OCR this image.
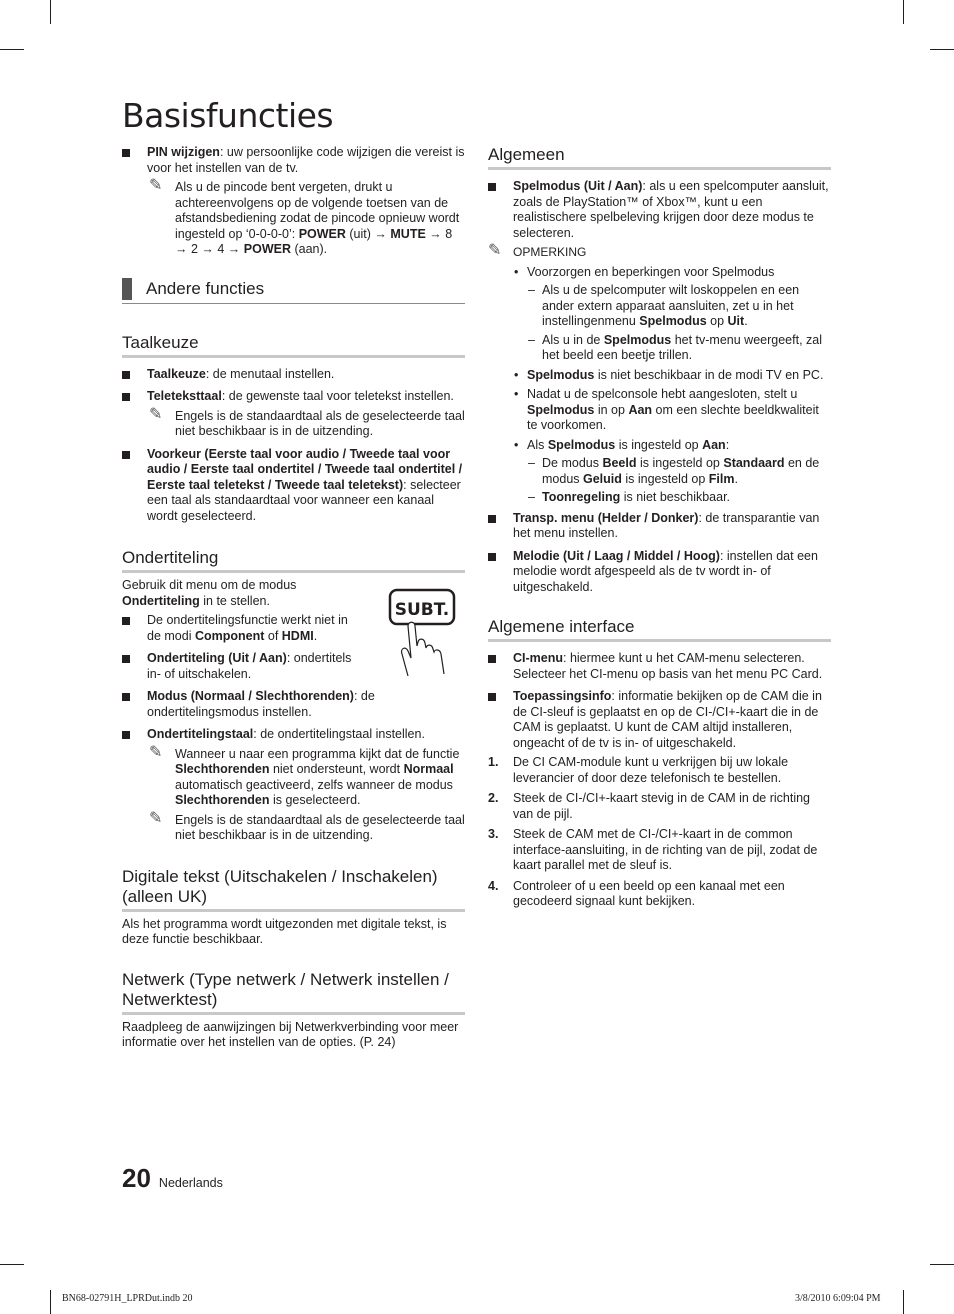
Basisfuncties
PIN wijzigen: uw persoonlijke code wijzigen die vereist is voor het instellen van de tv.
✎ Als u de pincode bent vergeten, drukt u achtereenvolgens op de volgende toetsen van de afstandsbediening zodat de pincode opnieuw wordt ingesteld op ‘0-0-0-0’: POWER (uit) → MUTE → 8 → 2 → 4 → POWER (aan).
Andere functies
Taalkeuze
Taalkeuze: de menutaal instellen.
Teleteksttaal: de gewenste taal voor teletekst instellen.
✎ Engels is de standaardtaal als de geselecteerde taal niet beschikbaar is in de uitzending.
Voorkeur (Eerste taal voor audio / Tweede taal voor audio / Eerste taal ondertitel / Tweede taal ondertitel / Eerste taal teletekst / Tweede taal teletekst): selecteer een taal als standaardtaal voor wanneer een kanaal wordt geselecteerd.
Ondertiteling
Gebruik dit menu om de modus Ondertiteling in te stellen.
De ondertitelingsfunctie werkt niet in de modi Component of HDMI.
Ondertiteling (Uit / Aan): ondertitels in- of uitschakelen.
Modus (Normaal / Slechthorenden): de ondertitelingsmodus instellen.
Ondertitelingstaal: de ondertitelingstaal instellen.
✎ Wanneer u naar een programma kijkt dat de functie Slechthorenden niet ondersteunt, wordt Normaal automatisch geactiveerd, zelfs wanneer de modus Slechthorenden is geselecteerd.
✎ Engels is de standaardtaal als de geselecteerde taal niet beschikbaar is in de uitzending.
Digitale tekst (Uitschakelen / Inschakelen) (alleen UK)
Als het programma wordt uitgezonden met digitale tekst, is deze functie beschikbaar.
Netwerk (Type netwerk / Netwerk instellen / Netwerktest)
Raadpleeg de aanwijzingen bij Netwerkverbinding voor meer informatie over het instellen van de opties. (P. 24)
SUBT.
Algemeen
Spelmodus (Uit / Aan): als u een spelcomputer aansluit, zoals de PlayStation™ of Xbox™, kunt u een realistischere spelbeleving krijgen door deze modus te selecteren.
✎ OPMERKING
• Voorzorgen en beperkingen voor Spelmodus
– Als u de spelcomputer wilt loskoppelen en een ander extern apparaat aansluiten, zet u in het instellingenmenu Spelmodus op Uit.
– Als u in de Spelmodus het tv-menu weergeeft, zal het beeld een beetje trillen.
• Spelmodus is niet beschikbaar in de modi TV en PC.
• Nadat u de spelconsole hebt aangesloten, stelt u Spelmodus in op Aan om een slechte beeldkwaliteit te voorkomen.
• Als Spelmodus is ingesteld op Aan:
– De modus Beeld is ingesteld op Standaard en de modus Geluid is ingesteld op Film.
– Toonregeling is niet beschikbaar.
Transp. menu (Helder / Donker): de transparantie van het menu instellen.
Melodie (Uit / Laag / Middel / Hoog): instellen dat een melodie wordt afgespeeld als de tv wordt in- of uitgeschakeld.
Algemene interface
CI-menu: hiermee kunt u het CAM-menu selecteren. Selecteer het CI-menu op basis van het menu PC Card.
Toepassingsinfo: informatie bekijken op de CAM die in de CI-sleuf is geplaatst en op de CI-/CI+-kaart die in de CAM is geplaatst. U kunt de CAM altijd installeren, ongeacht of de tv is in- of uitgeschakeld.
1. De CI CAM-module kunt u verkrijgen bij uw lokale leverancier of door deze telefonisch te bestellen.
2. Steek de CI-/CI+-kaart stevig in de CAM in de richting van de pijl.
3. Steek de CAM met de CI-/CI+-kaart in de common interface-aansluiting, in de richting van de pijl, zodat de kaart parallel met de sleuf is.
4. Controleer of u een beeld op een kanaal met een gecodeerd signaal kunt bekijken.
20 Nederlands
BN68-02791H_LPRDut.indb 20	3/8/2010 6:09:04 PM
